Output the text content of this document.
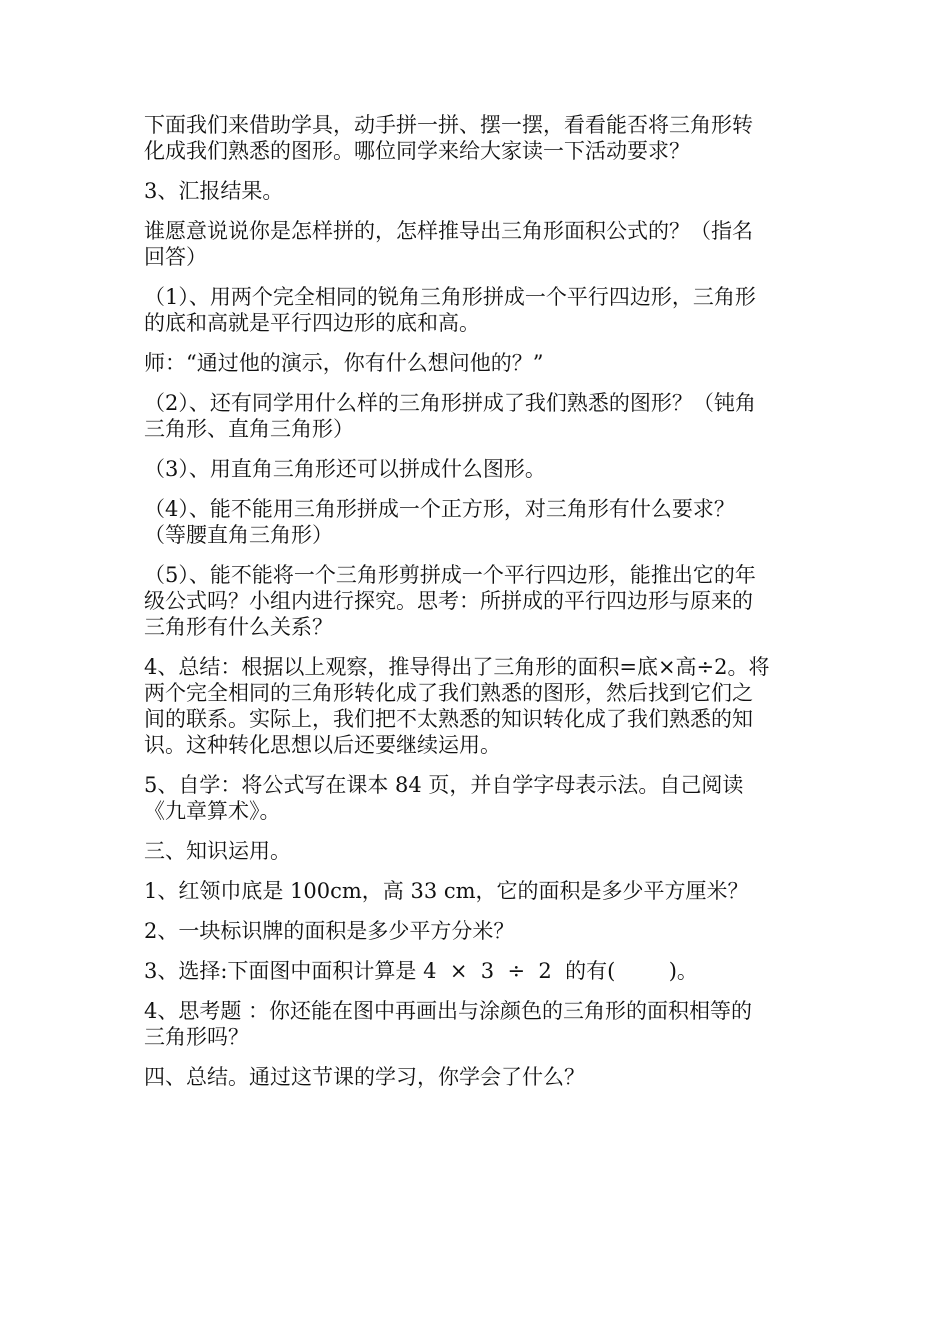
下面我们来借助学具，动手拼一拼、摆一摆，看看能否将三角形转
化成我们熟悉的图形。哪位同学来给大家读一下活动要求？

3、汇报结果。

谁愿意说说你是怎样拼的，怎样推导出三角形面积公式的？（指名
回答）

（1）、用两个完全相同的锐角三角形拼成一个平行四边形，三角形
的底和高就是平行四边形的底和高。

师：“通过他的演示，你有什么想问他的？”

（2）、还有同学用什么样的三角形拼成了我们熟悉的图形？（钝角
三角形、直角三角形）

（3）、用直角三角形还可以拼成什么图形。

（4）、能不能用三角形拼成一个正方形，对三角形有什么要求？
（等腰直角三角形）

（5）、能不能将一个三角形剪拼成一个平行四边形，能推出它的年
级公式吗？小组内进行探究。思考：所拼成的平行四边形与原来的
三角形有什么关系？

4、总结：根据以上观察，推导得出了三角形的面积=底×高÷2。将
两个完全相同的三角形转化成了我们熟悉的图形，然后找到它们之
间的联系。实际上，我们把不太熟悉的知识转化成了我们熟悉的知
识。这种转化思想以后还要继续运用。

5、自学：将公式写在课本 84 页，并自学字母表示法。自己阅读
《九章算术》。

三、知识运用。

1、红领巾底是 100cm，高 33 cm，它的面积是多少平方厘米？

2、一块标识牌的面积是多少平方分米？

3、选择:下面图中面积计算是 4  ×  3  ÷  2  的有(        )。

4、思考题 ：你还能在图中再画出与涂颜色的三角形的面积相等的
三角形吗？

四、总结。通过这节课的学习，你学会了什么？
